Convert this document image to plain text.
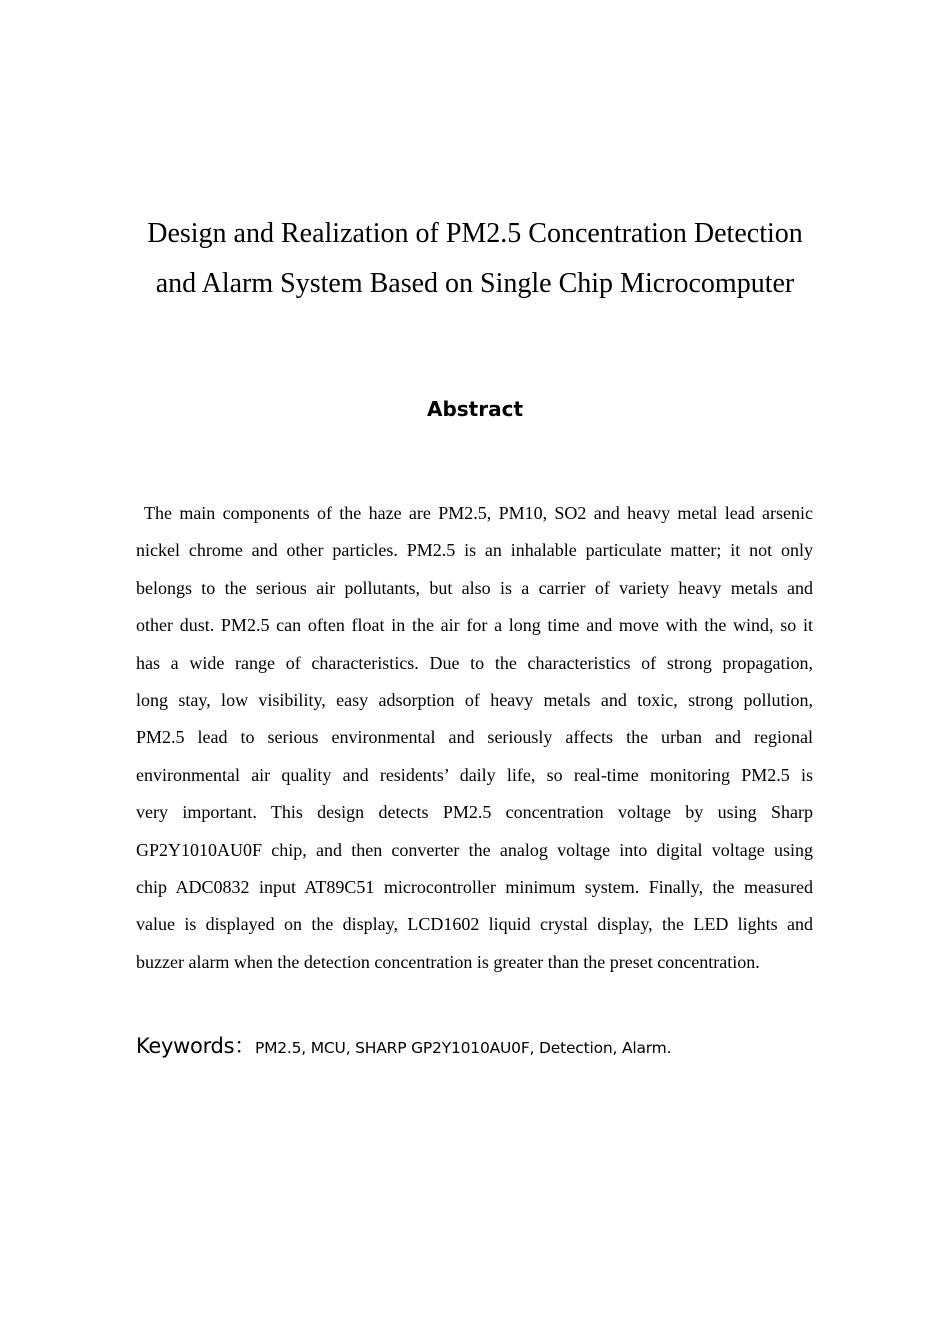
Design and Realization of PM2.5 Concentration Detection
and Alarm System Based on Single Chip Microcomputer
Abstract
The main components of the haze are PM2.5, PM10, SO2 and heavy metal lead arsenic
nickel chrome and other particles. PM2.5 is an inhalable particulate matter; it not only
belongs to the serious air pollutants, but also is a carrier of variety heavy metals and
other dust. PM2.5 can often float in the air for a long time and move with the wind, so it
has a wide range of characteristics. Due to the characteristics of strong propagation,
long stay, low visibility, easy adsorption of heavy metals and toxic, strong pollution,
PM2.5 lead to serious environmental and seriously affects the urban and regional
environmental air quality and residents’ daily life, so real-time monitoring PM2.5 is
very important. This design detects PM2.5 concentration voltage by using Sharp
GP2Y1010AU0F chip, and then converter the analog voltage into digital voltage using
chip ADC0832 input AT89C51 microcontroller minimum system. Finally, the measured
value is displayed on the display, LCD1602 liquid crystal display, the LED lights and
buzzer alarm when the detection concentration is greater than the preset concentration.

Keywords：PM2.5, MCU, SHARP GP2Y1010AU0F, Detection, Alarm.
